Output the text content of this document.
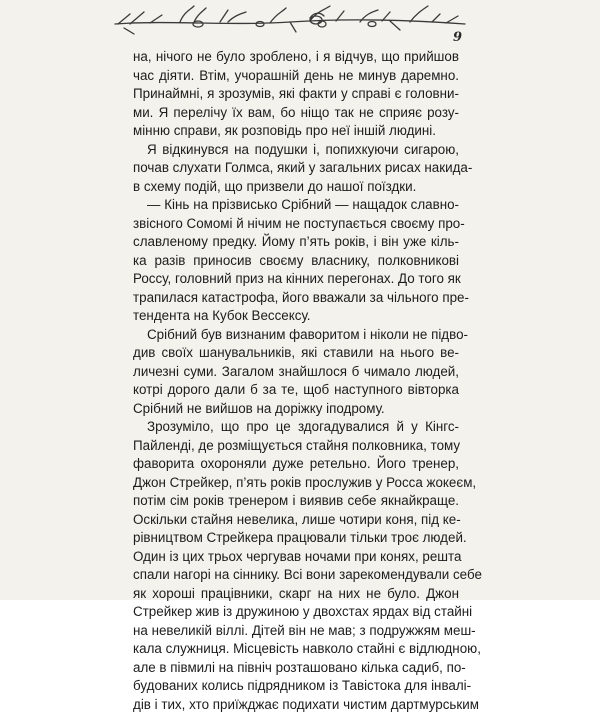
9
на, нічого не було зроблено, і я відчув, що прийшов
час діяти. Втім, учорашній день не минув даремно.
Принаймні, я зрозумів, які факти у справі є головни-
ми. Я перелічу їх вам, бо ніщо так не сприяє розу-
мінню справи, як розповідь про неї іншій людині.
Я відкинувся на подушки і, попихкуючи сигарою,
почав слухати Голмса, який у загальних рисах накида-
в схему подій, що призвели до нашої поїздки.
— Кінь на прізвисько Срібний — нащадок славно-
звісного Сомомі й нічим не поступається своєму про-
славленому предку. Йому п’ять років, і він уже кіль-
ка разів приносив своєму власнику, полковникові
Россу, головний приз на кінних перегонах. До того як
трапилася катастрофа, його вважали за чільного пре-
тендента на Кубок Вессексу.
Срібний був визнаним фаворитом і ніколи не підво-
див своїх шанувальників, які ставили на нього ве-
личезні суми. Загалом знайшлося б чимало людей,
котрі дорого дали б за те, щоб наступного вівторка
Срібний не вийшов на доріжку іподрому.
Зрозуміло, що про це здогадувалися й у Кінгс-
Пайленді, де розміщується стайня полковника, тому
фаворита охороняли дуже ретельно. Його тренер,
Джон Стрейкер, п’ять років прослужив у Росса жокеєм,
потім сім років тренером і виявив себе якнайкраще.
Оскільки стайня невелика, лише чотири коня, під ке-
рівництвом Стрейкера працювали тільки троє людей.
Один із цих трьох чергував ночами при конях, решта
спали нагорі на сіннику. Всі вони зарекомендували себе
як хороші працівники, скарг на них не було. Джон
Стрейкер жив із дружиною у двохстах ярдах від стайні
на невеликій віллі. Дітей він не мав; з подружжям меш-
кала служниця. Місцевість навколо стайні є відлюдною,
але в півмилі на північ розташовано кілька садиб, по-
будованих колись підрядником із Тавістока для інвалі-
дів і тих, хто приїжджає подихати чистим дартмурським
